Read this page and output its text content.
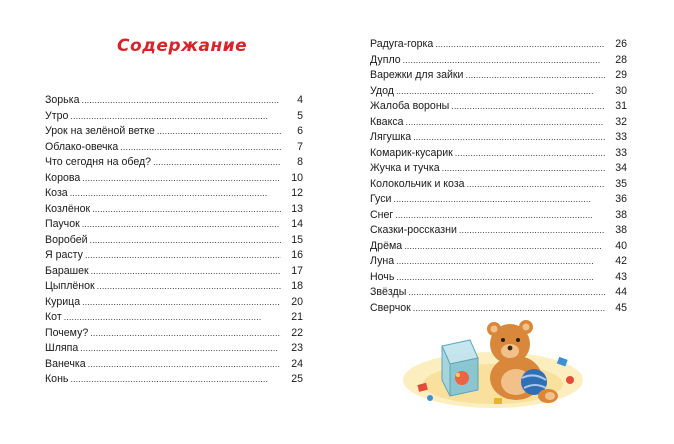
Содержание
Зорька . . .	4
Утро . . .	5
Урок на зелёной ветке . . .	6
Облако-овечка . . .	7
Что сегодня на обед? . . .	8
Корова . . .	10
Коза . . .	12
Козлёнок . . .	13
Паучок . . .	14
Воробей . . .	15
Я расту . . .	16
Барашек . . .	17
Цыплёнок . . .	18
Курица . . .	20
Кот . . .	21
Почему? . . .	22
Шляпа . . .	23
Ванечка . . .	24
Конь . . .	25
Радуга-горка . . .	26
Дупло . . .	28
Варежки для зайки . . .	29
Удод . . .	30
Жалоба вороны . . .	31
Квакса . . .	32
Лягушка . . .	33
Комарик-кусарик . . .	33
Жучка и тучка . . .	34
Колокольчик и коза . . .	35
Гуси . . .	36
Снег . . .	38
Сказки-россказни . . .	38
Дрёма . . .	40
Луна . . .	42
Ночь . . .	43
Звёзды . . .	44
Сверчок . . .	45
